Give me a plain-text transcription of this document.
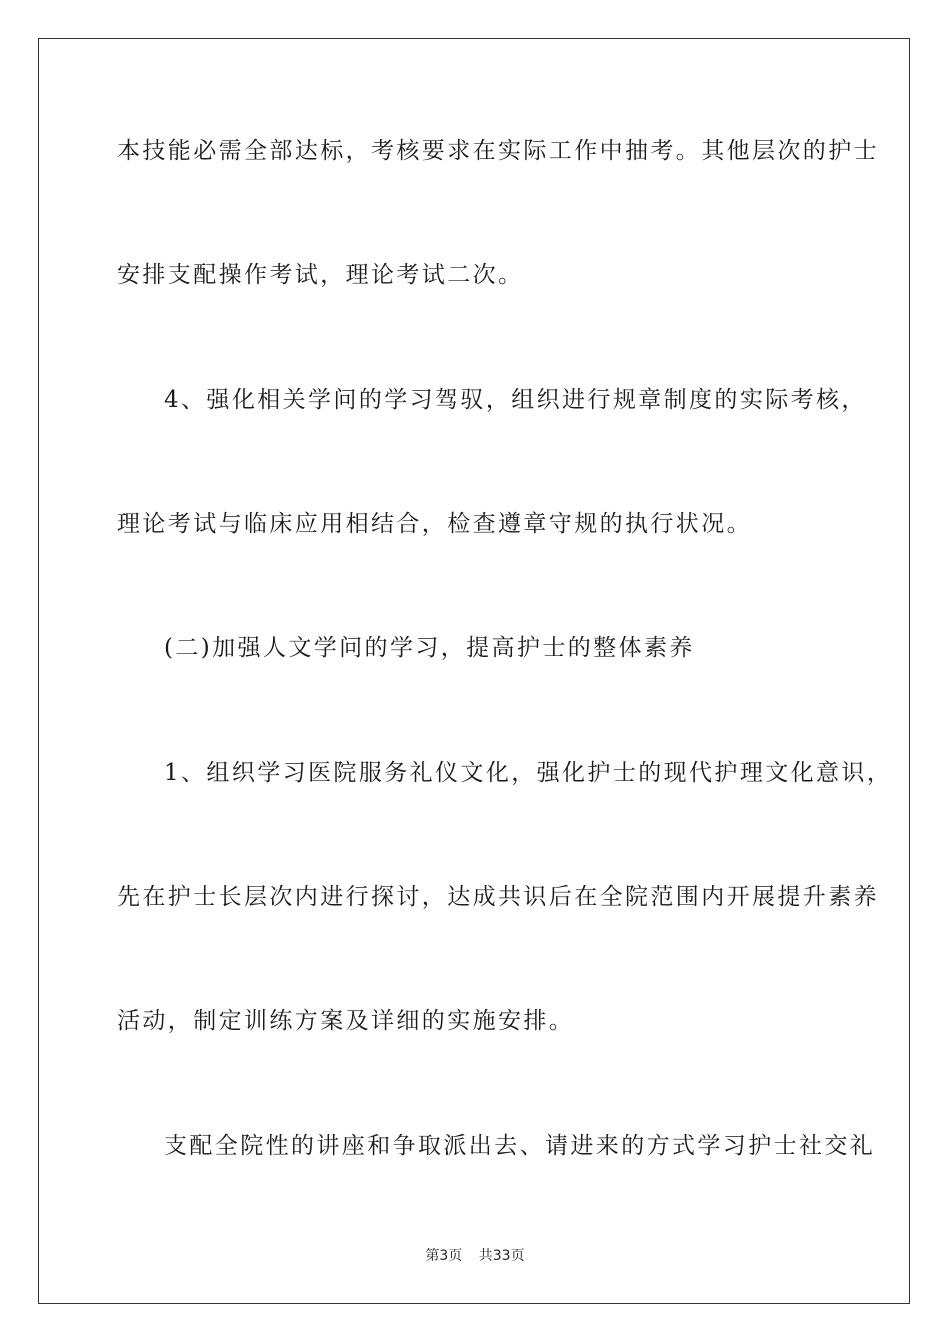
本技能必需全部达标，考核要求在实际工作中抽考。其他层次的护士
安排支配操作考试，理论考试二次。
4、强化相关学问的学习驾驭，组织进行规章制度的实际考核，
理论考试与临床应用相结合，检查遵章守规的执行状况。
(二)加强人文学问的学习，提高护士的整体素养
1、组织学习医院服务礼仪文化，强化护士的现代护理文化意识，
先在护士长层次内进行探讨，达成共识后在全院范围内开展提升素养
活动，制定训练方案及详细的实施安排。
支配全院性的讲座和争取派出去、请进来的方式学习护士社交礼
第3页 共33页
